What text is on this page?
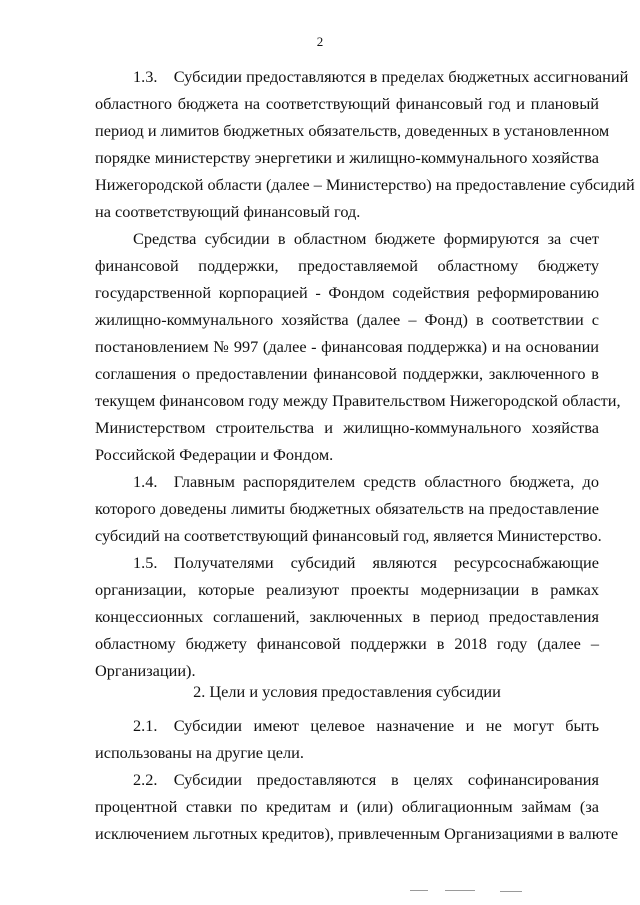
2
1.3. Субсидии предоставляются в пределах бюджетных ассигнований
областного бюджета на соответствующий финансовый год и плановый
период и лимитов бюджетных обязательств, доведенных в установленном
порядке министерству энергетики и жилищно-коммунального хозяйства
Нижегородской области (далее – Министерство) на предоставление субсидий
на соответствующий финансовый год.
Средства субсидии в областном бюджете формируются за счет
финансовой поддержки, предоставляемой областному бюджету
государственной корпорацией - Фондом содействия реформированию
жилищно-коммунального хозяйства (далее – Фонд) в соответствии с
постановлением № 997 (далее - финансовая поддержка) и на основании
соглашения о предоставлении финансовой поддержки, заключенного в
текущем финансовом году между Правительством Нижегородской области,
Министерством строительства и жилищно-коммунального хозяйства
Российской Федерации и Фондом.
1.4. Главным распорядителем средств областного бюджета, до
которого доведены лимиты бюджетных обязательств на предоставление
субсидий на соответствующий финансовый год, является Министерство.
1.5. Получателями субсидий являются ресурсоснабжающие
организации, которые реализуют проекты модернизации в рамках
концессионных соглашений, заключенных в период предоставления
областному бюджету финансовой поддержки в 2018 году (далее –
Организации).
2. Цели и условия предоставления субсидии
2.1. Субсидии имеют целевое назначение и не могут быть
использованы на другие цели.
2.2. Субсидии предоставляются в целях софинансирования
процентной ставки по кредитам и (или) облигационным займам (за
исключением льготных кредитов), привлеченным Организациями в валюте
